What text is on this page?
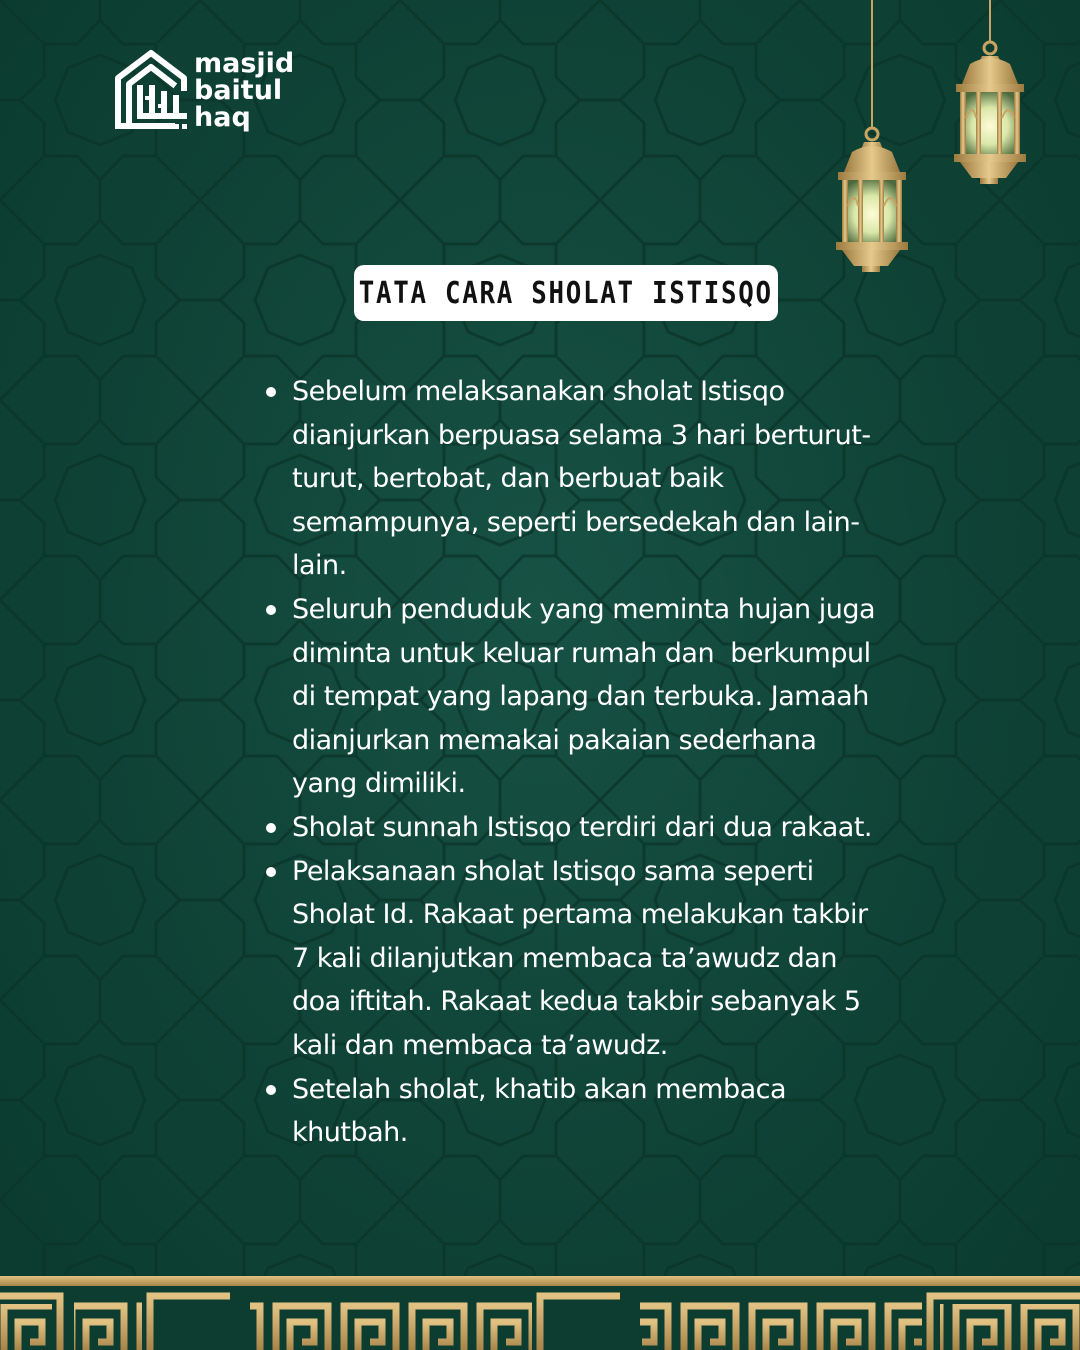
masjid
baitul
haq
TATA CARA SHOLAT ISTISQO
Sebelum melaksanakan sholat Istisqo
dianjurkan berpuasa selama 3 hari berturut-
turut, bertobat, dan berbuat baik
semampunya, seperti bersedekah dan lain-
lain.
Seluruh penduduk yang meminta hujan juga
diminta untuk keluar rumah dan  berkumpul
di tempat yang lapang dan terbuka. Jamaah
dianjurkan memakai pakaian sederhana
yang dimiliki.
Sholat sunnah Istisqo terdiri dari dua rakaat.
Pelaksanaan sholat Istisqo sama seperti
Sholat Id. Rakaat pertama melakukan takbir
7 kali dilanjutkan membaca ta’awudz dan
doa iftitah. Rakaat kedua takbir sebanyak 5
kali dan membaca ta’awudz.
Setelah sholat, khatib akan membaca
khutbah.
